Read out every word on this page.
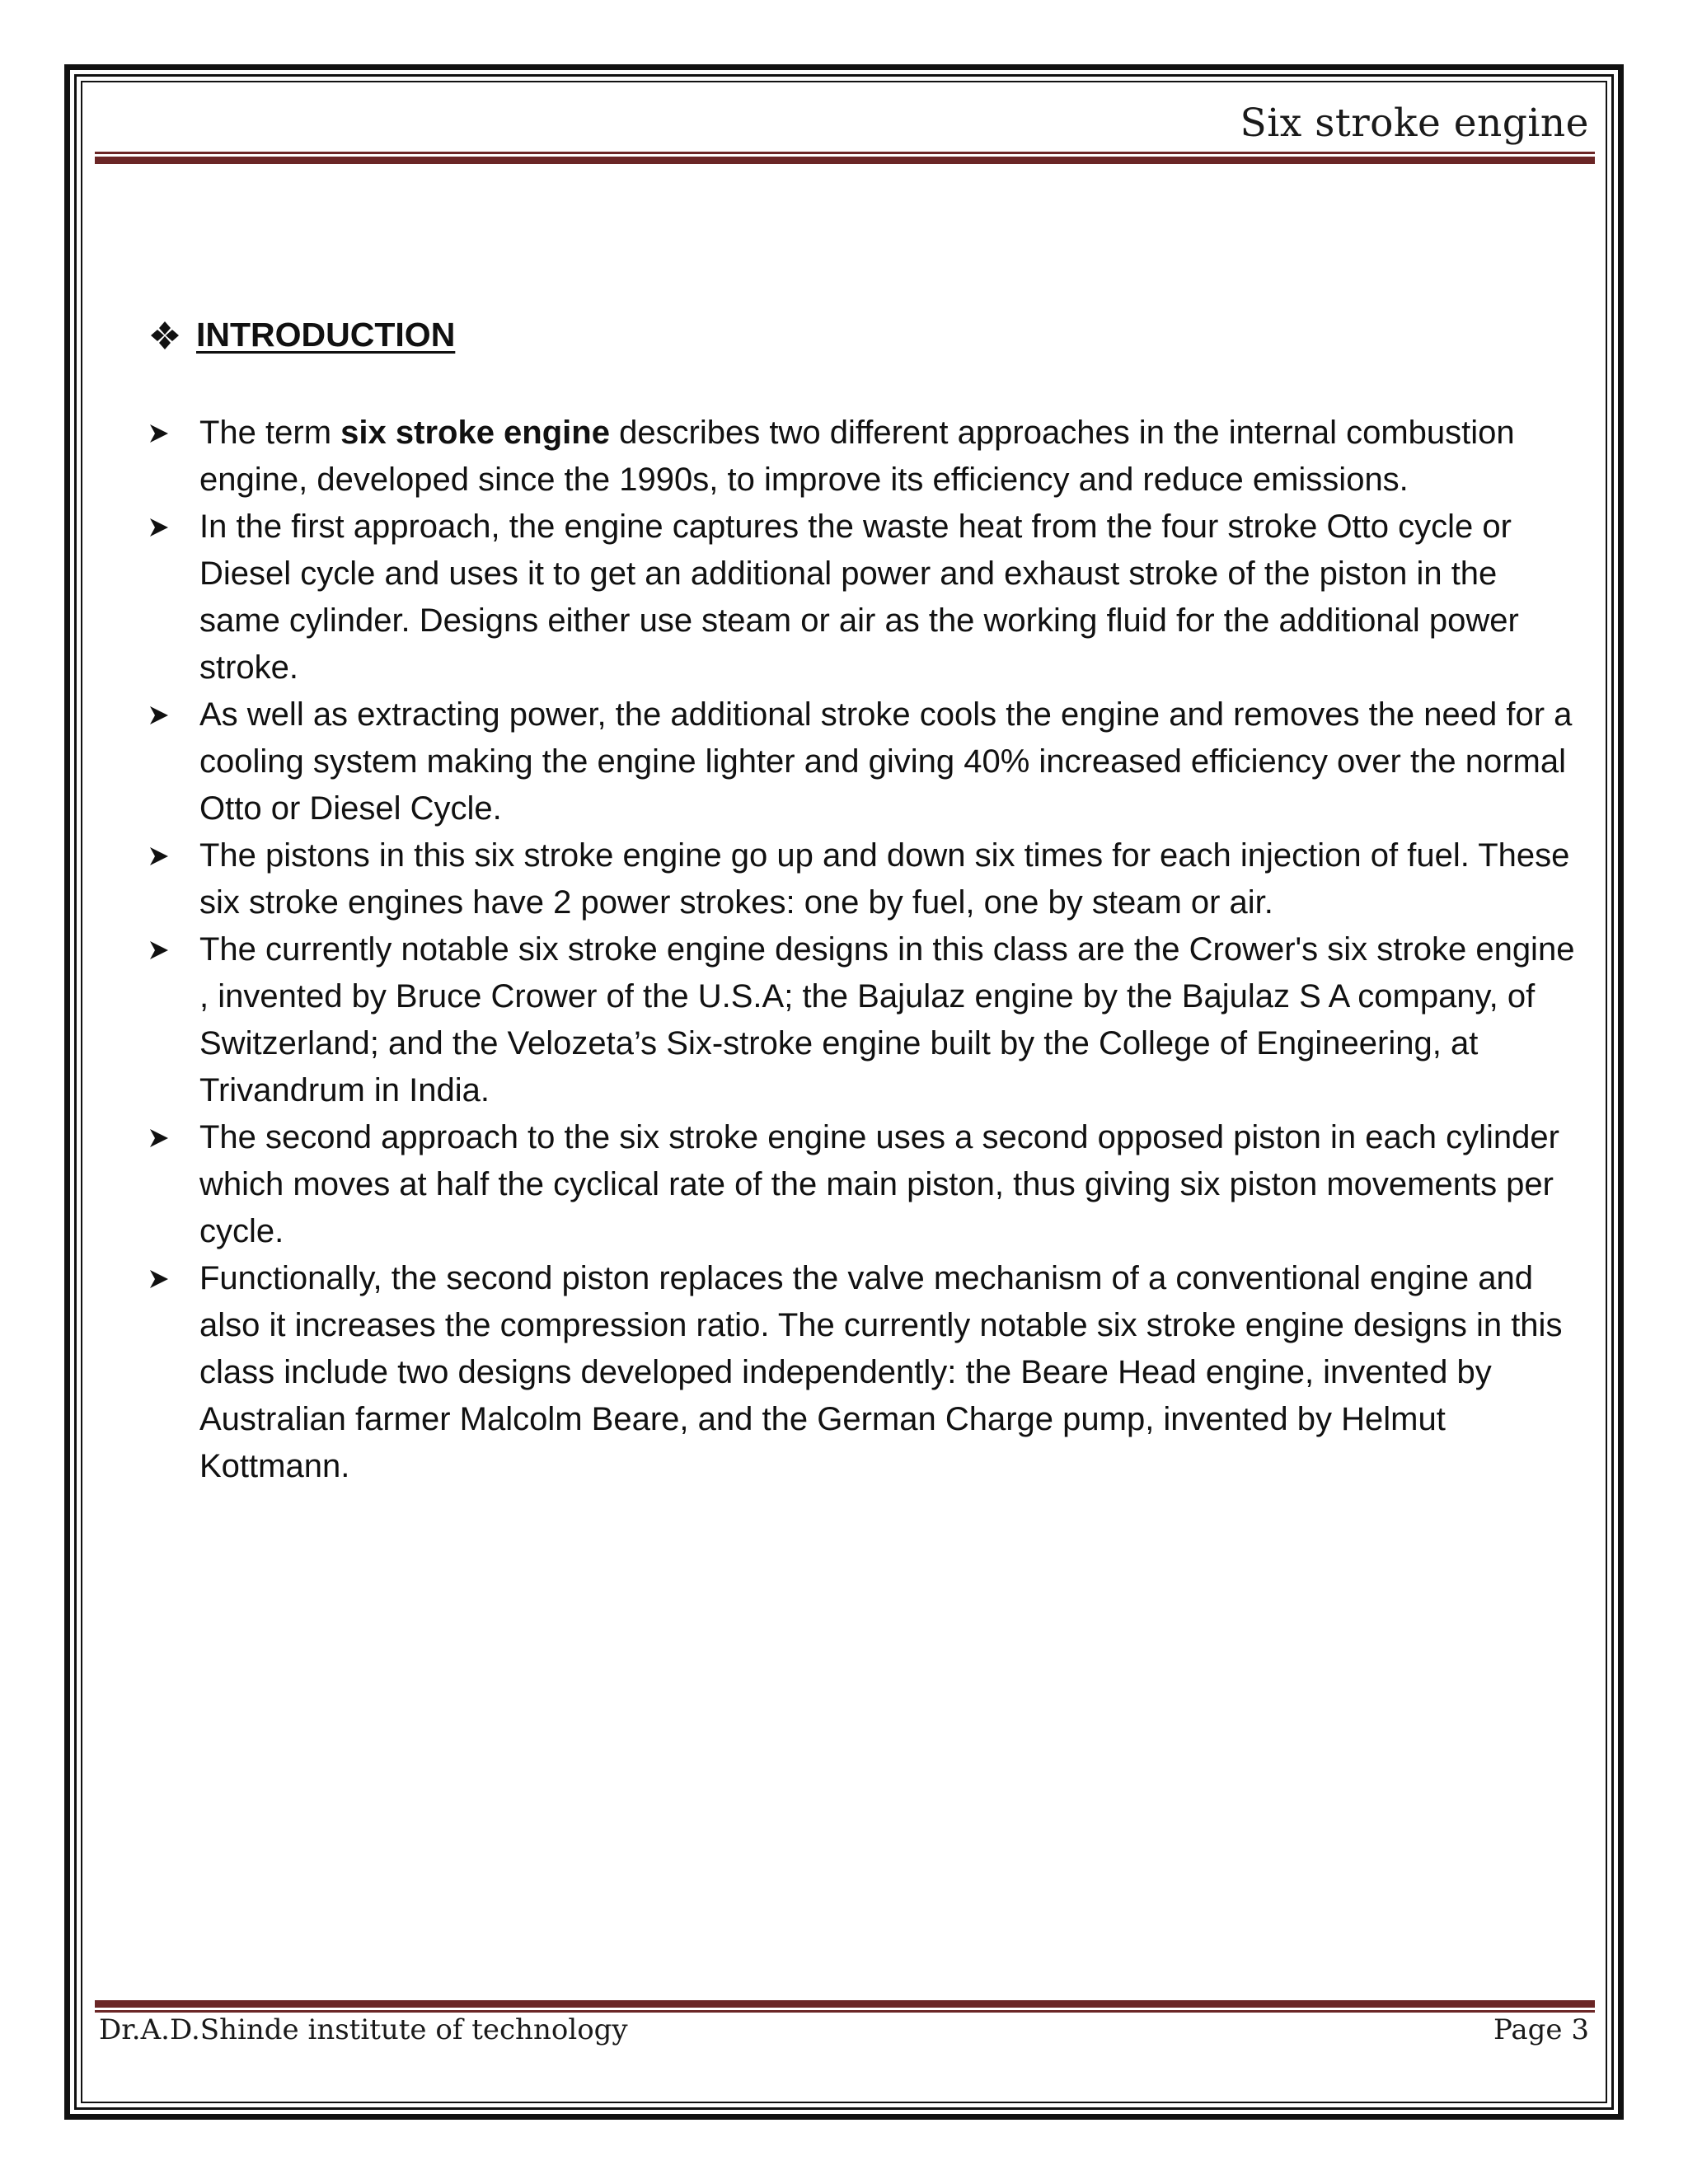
Six stroke engine
INTRODUCTION
The term six stroke engine describes two different approaches in the internal combustion engine, developed since the 1990s, to improve its efficiency and reduce emissions.
In the first approach, the engine captures the waste heat from the four stroke Otto cycle or Diesel cycle and uses it to get an additional power and exhaust stroke of the piston in the same cylinder. Designs either use steam or air as the working fluid for the additional power stroke.
As well as extracting power, the additional stroke cools the engine and removes the need for a cooling system making the engine lighter and giving 40% increased efficiency over the normal Otto or Diesel Cycle.
The pistons in this six stroke engine go up and down six times for each injection of fuel. These six stroke engines have 2 power strokes: one by fuel, one by steam or air.
The currently notable six stroke engine designs in this class are the Crower's six stroke engine , invented by Bruce Crower of the U.S.A; the Bajulaz engine by the Bajulaz S A company, of Switzerland; and the Velozeta’s Six-stroke engine built by the College of Engineering, at Trivandrum in India.
The second approach to the six stroke engine uses a second opposed piston in each cylinder which moves at half the cyclical rate of the main piston, thus giving six piston movements per cycle.
Functionally, the second piston replaces the valve mechanism of a conventional engine and also it increases the compression ratio. The currently notable six stroke engine designs in this class include two designs developed independently: the Beare Head engine, invented by Australian farmer Malcolm Beare, and the German Charge pump, invented by Helmut Kottmann.
Dr.A.D.Shinde institute of technology	Page 3
